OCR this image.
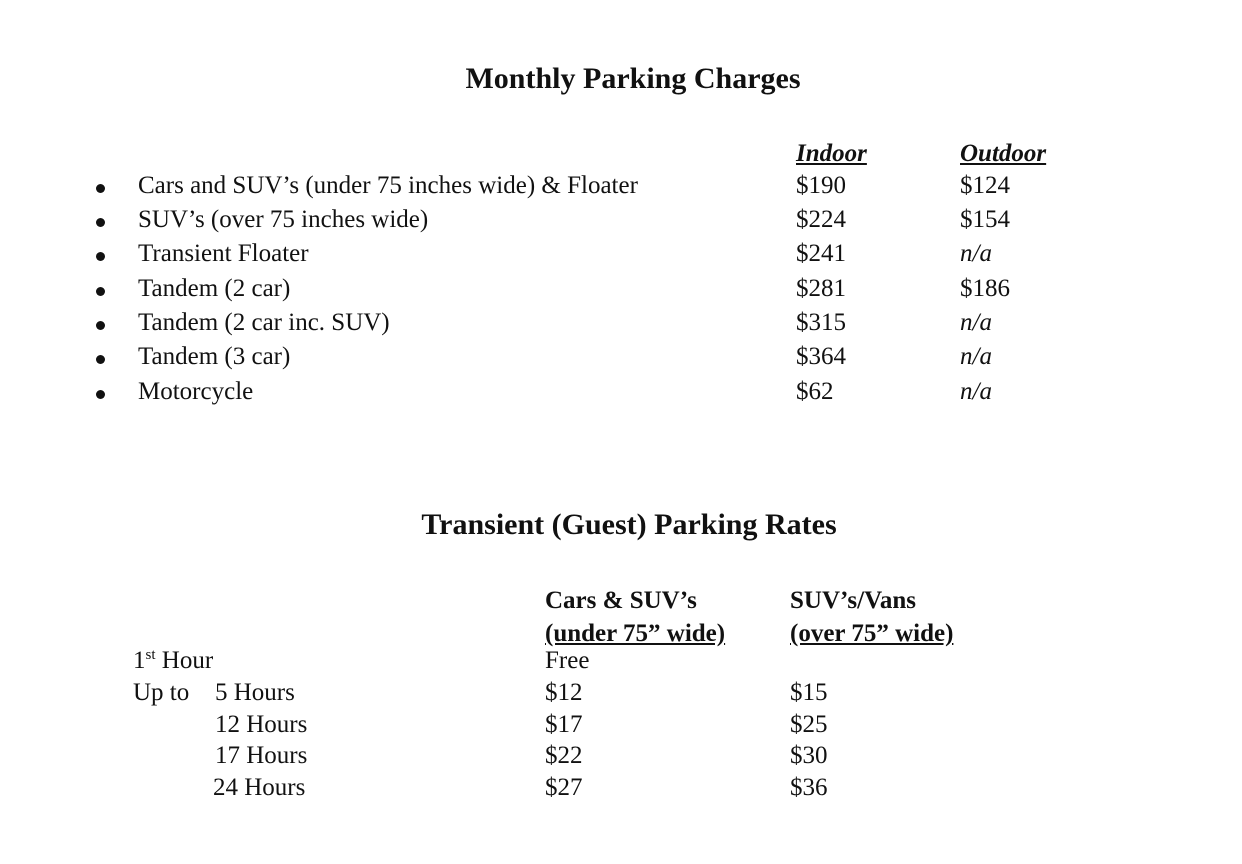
Monthly Parking Charges
Indoor	Outdoor
Cars and SUV’s (under 75 inches wide) & Floater	$190	$124
SUV’s (over 75 inches wide)	$224	$154
Transient Floater	$241	n/a
Tandem (2 car)	$281	$186
Tandem (2 car inc. SUV)	$315	n/a
Tandem (3 car)	$364	n/a
Motorcycle	$62	n/a
Transient (Guest) Parking Rates
Cars & SUV’s
(under 75” wide)
SUV’s/Vans
(over 75” wide)
1st Hour	Free
Up to 5 Hours	$12	$15
12 Hours	$17	$25
17 Hours	$22	$30
24 Hours	$27	$36
